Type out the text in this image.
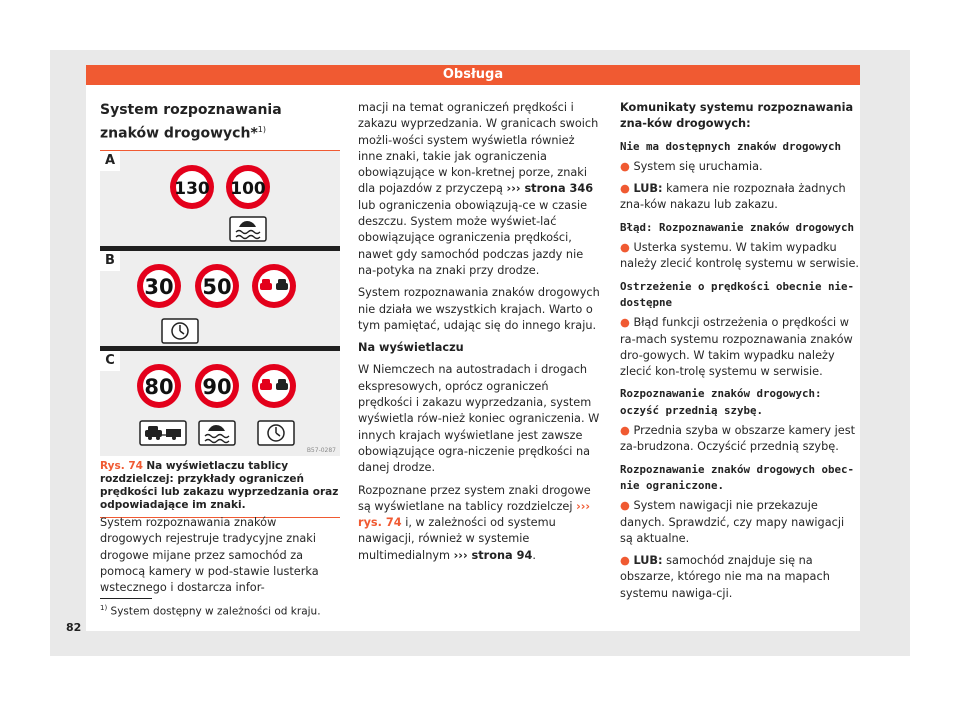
Obsługa
System rozpoznawania znaków drogowych*$^{1)}$
A
130 100
B
30 50
C
80 90
B57-0287
Rys. 74 Na wyświetlaczu tablicy rozdzielczej: przykłady ograniczeń prędkości lub zakazu wyprzedzania oraz odpowiadające im znaki.

System rozpoznawania znaków drogowych rejestruje tradycyjne znaki drogowe mijane przez samochód za pomocą kamery w pod-stawie lusterka wstecznego i dostarcza infor-

macji na temat ograniczeń prędkości i zakazu wyprzedzania. W granicach swoich możli-wości system wyświetla również inne znaki, takie jak ograniczenia obowiązujące w kon-kretnej porze, znaki dla pojazdów z przyczepą ››› strona 346 lub ograniczenia obowiązują-ce w czasie deszczu. System może wyświet-lać obowiązujące ograniczenia prędkości, nawet gdy samochód podczas jazdy nie na-potyka na znaki przy drodze.

System rozpoznawania znaków drogowych nie działa we wszystkich krajach. Warto o tym pamiętać, udając się do innego kraju.

Na wyświetlaczu

W Niemczech na autostradach i drogach ekspresowych, oprócz ograniczeń prędkości i zakazu wyprzedzania, system wyświetla rów-nież koniec ograniczenia. W innych krajach wyświetlane jest zawsze obowiązujące ogra-niczenie prędkości na danej drodze.

Rozpoznane przez system znaki drogowe są wyświetlane na tablicy rozdzielczej ››› rys. 74 i, w zależności od systemu nawigacji, również w systemie multimedialnym ››› strona 94.

Komunikaty systemu rozpoznawania zna-ków drogowych:

Nie ma dostępnych znaków drogowych

● System się uruchamia.

● LUB: kamera nie rozpoznała żadnych zna-ków nakazu lub zakazu.

Błąd: Rozpoznawanie znaków drogowych

● Usterka systemu. W takim wypadku należy zlecić kontrolę systemu w serwisie.

Ostrzeżenie o prędkości obecnie nie-dostępne

● Błąd funkcji ostrzeżenia o prędkości w ra-mach systemu rozpoznawania znaków dro-gowych. W takim wypadku należy zlecić kon-trolę systemu w serwisie.

Rozpoznawanie znaków drogowych: oczyść przednią szybę.

● Przednia szyba w obszarze kamery jest za-brudzona. Oczyścić przednią szybę.

Rozpoznawanie znaków drogowych obec-nie ograniczone.

● System nawigacji nie przekazuje danych. Sprawdzić, czy mapy nawigacji są aktualne.

● LUB: samochód znajduje się na obszarze, którego nie ma na mapach systemu nawiga-cji.

$^{1)}$ System dostępny w zależności od kraju.
82
